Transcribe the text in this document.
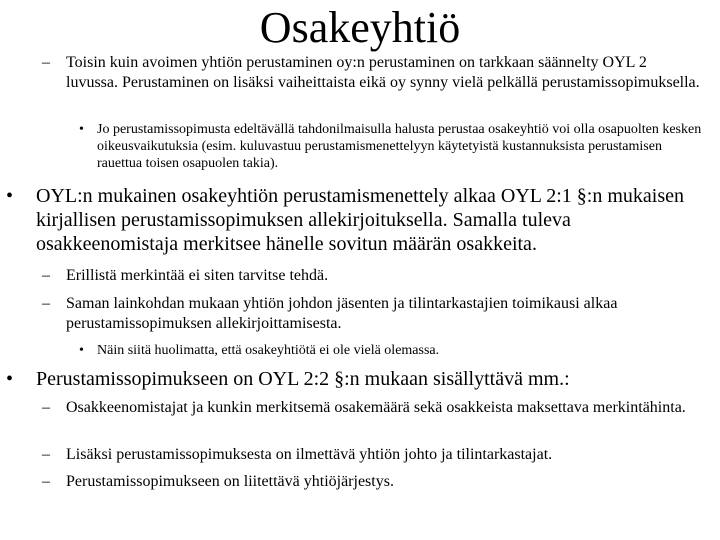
Osakeyhtiö
–	Toisin kuin avoimen yhtiön perustaminen oy:n perustaminen on tarkkaan säännelty OYL 2 luvussa. Perustaminen on lisäksi vaiheittaista eikä oy synny vielä pelkällä perustamissopimuksella.
• Jo perustamissopimusta edeltävällä tahdonilmaisulla halusta perustaa osakeyhtiö voi olla osapuolten kesken oikeusvaikutuksia (esim. kuluvastuu perustamismenettelyyn käytetyistä kustannuksista perustamisen rauettua toisen osapuolen takia).
•	OYL:n mukainen osakeyhtiön perustamismenettely alkaa OYL 2:1 §:n mukaisen kirjallisen perustamissopimuksen allekirjoituksella. Samalla tuleva osakkeenomistaja merkitsee hänelle sovitun määrän osakkeita.
–	Erillistä merkintää ei siten tarvitse tehdä.
–	Saman lainkohdan mukaan yhtiön johdon jäsenten ja tilintarkastajien toimikausi alkaa perustamissopimuksen allekirjoittamisesta.
• Näin siitä huolimatta, että osakeyhtiötä ei ole vielä olemassa.
•	Perustamissopimukseen on OYL 2:2 §:n mukaan sisällyttävä mm.:
–	Osakkeenomistajat ja kunkin merkitsemä osakemäärä sekä osakkeista maksettava merkintähinta.
–	Lisäksi perustamissopimuksesta on ilmettävä yhtiön johto ja tilintarkastajat.
–	Perustamissopimukseen on liitettävä yhtiöjärjestys.
